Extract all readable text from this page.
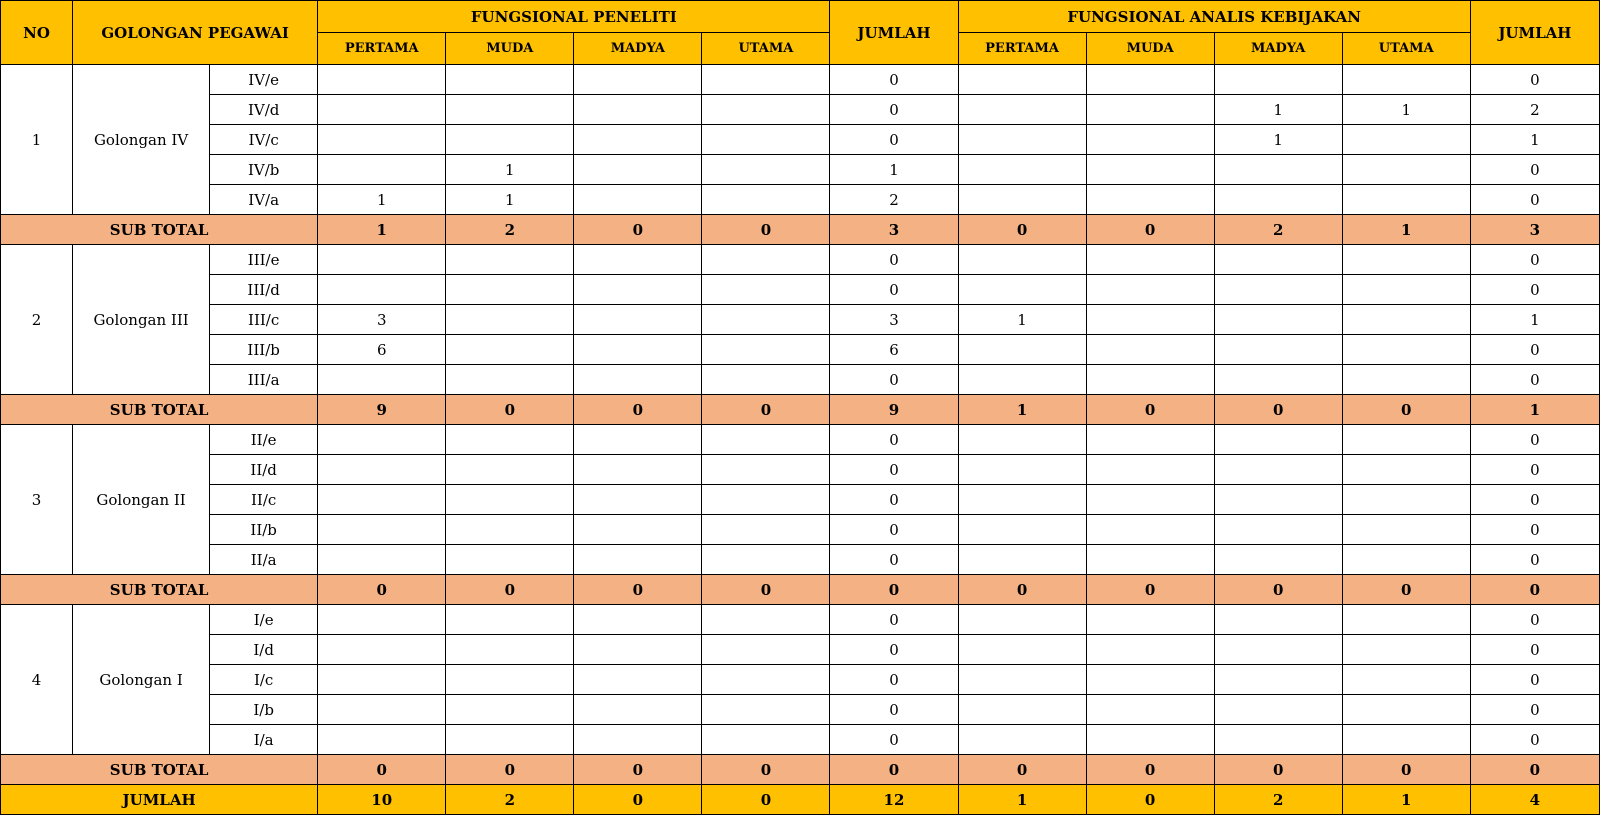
NO	GOLONGAN PEGAWAI		FUNGSIONAL PENELITI				JUMLAH	FUNGSIONAL ANALIS KEBIJAKAN				JUMLAH
			PERTAMA	MUDA	MADYA	UTAMA		PERTAMA	MUDA	MADYA	UTAMA	
1	Golongan IV	IV/e					0					0
		IV/d					0			1	1	2
		IV/c					0			1		1
		IV/b		1			1					0
		IV/a	1	1			2					0
SUB TOTAL			1	2	0	0	3	0	0	2	1	3
2	Golongan III	III/e					0					0
		III/d					0					0
		III/c	3				3	1				1
		III/b	6				6					0
		III/a					0					0
SUB TOTAL			9	0	0	0	9	1	0	0	0	1
3	Golongan II	II/e					0					0
		II/d					0					0
		II/c					0					0
		II/b					0					0
		II/a					0					0
SUB TOTAL			0	0	0	0	0	0	0	0	0	0
4	Golongan I	I/e					0					0
		I/d					0					0
		I/c					0					0
		I/b					0					0
		I/a					0					0
SUB TOTAL			0	0	0	0	0	0	0	0	0	0
JUMLAH			10	2	0	0	12	1	0	2	1	4
